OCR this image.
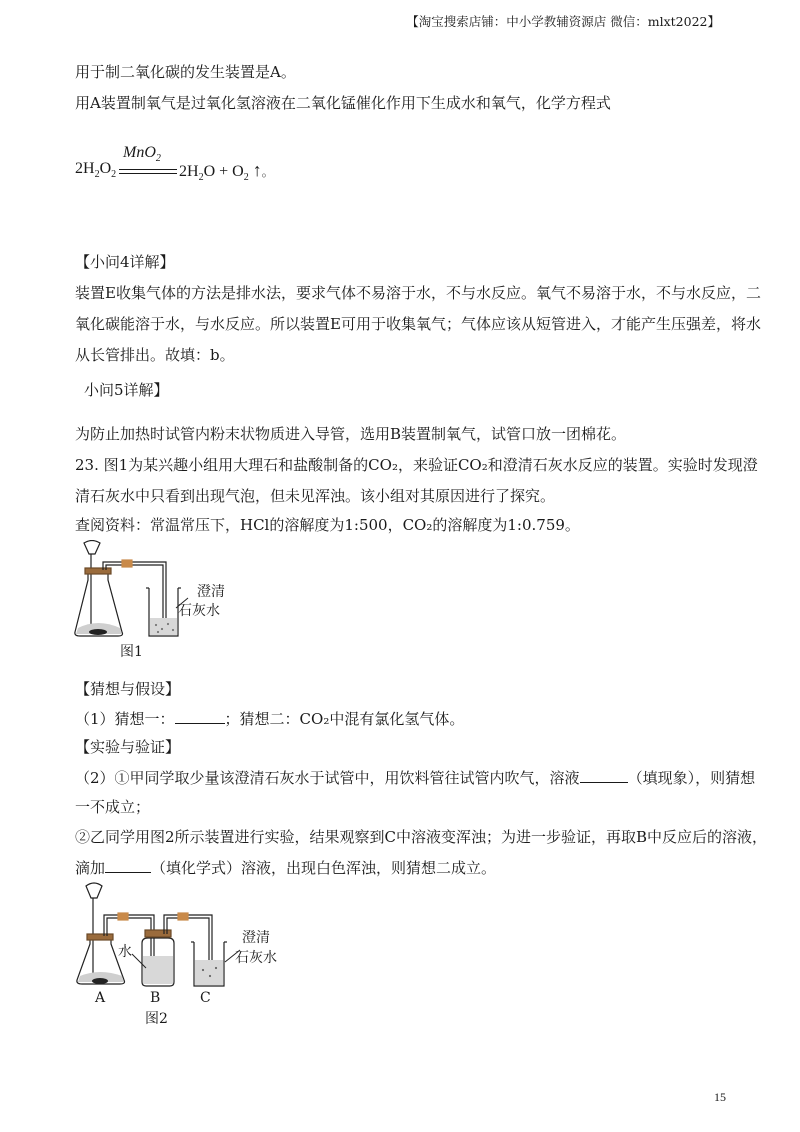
【淘宝搜索店铺：中小学教辅资源店 微信：mlxt2022】
用于制二氧化碳的发生装置是A。
用A装置制氧气是过氧化氢溶液在二氧化锰催化作用下生成水和氧气，化学方程式
$2H_2O_2$
MnO$_2$
$2H_2O + O_2$ ↑。
【小问4详解】
装置E收集气体的方法是排水法，要求气体不易溶于水，不与水反应。氧气不易溶于水，不与水反应，二
氧化碳能溶于水，与水反应。所以装置E可用于收集氧气；气体应该从短管进入，才能产生压强差，将水
从长管排出。故填：b。
小问5详解】
为防止加热时试管内粉末状物质进入导管，选用B装置制氧气，试管口放一团棉花。
23. 图1为某兴趣小组用大理石和盐酸制备的CO₂，来验证CO₂和澄清石灰水反应的装置。实验时发现澄
清石灰水中只看到出现气泡，但未见浑浊。该小组对其原因进行了探究。
查阅资料：常温常压下，HCl的溶解度为1:500，CO₂的溶解度为1:0.759。
澄清
石灰水
图1
【猜想与假设】
（1）猜想一：	；猜想二：CO₂中混有氯化氢气体。
【实验与验证】
（2）①甲同学取少量该澄清石灰水于试管中，用饮料管往试管内吹气，溶液	（填现象），则猜想
一不成立；
②乙同学用图2所示装置进行实验，结果观察到C中溶液变浑浊；为进一步验证，再取B中反应后的溶液，
滴加	（填化学式）溶液，出现白色浑浊，则猜想二成立。
水
澄清
石灰水
A	B	C
图2
15
